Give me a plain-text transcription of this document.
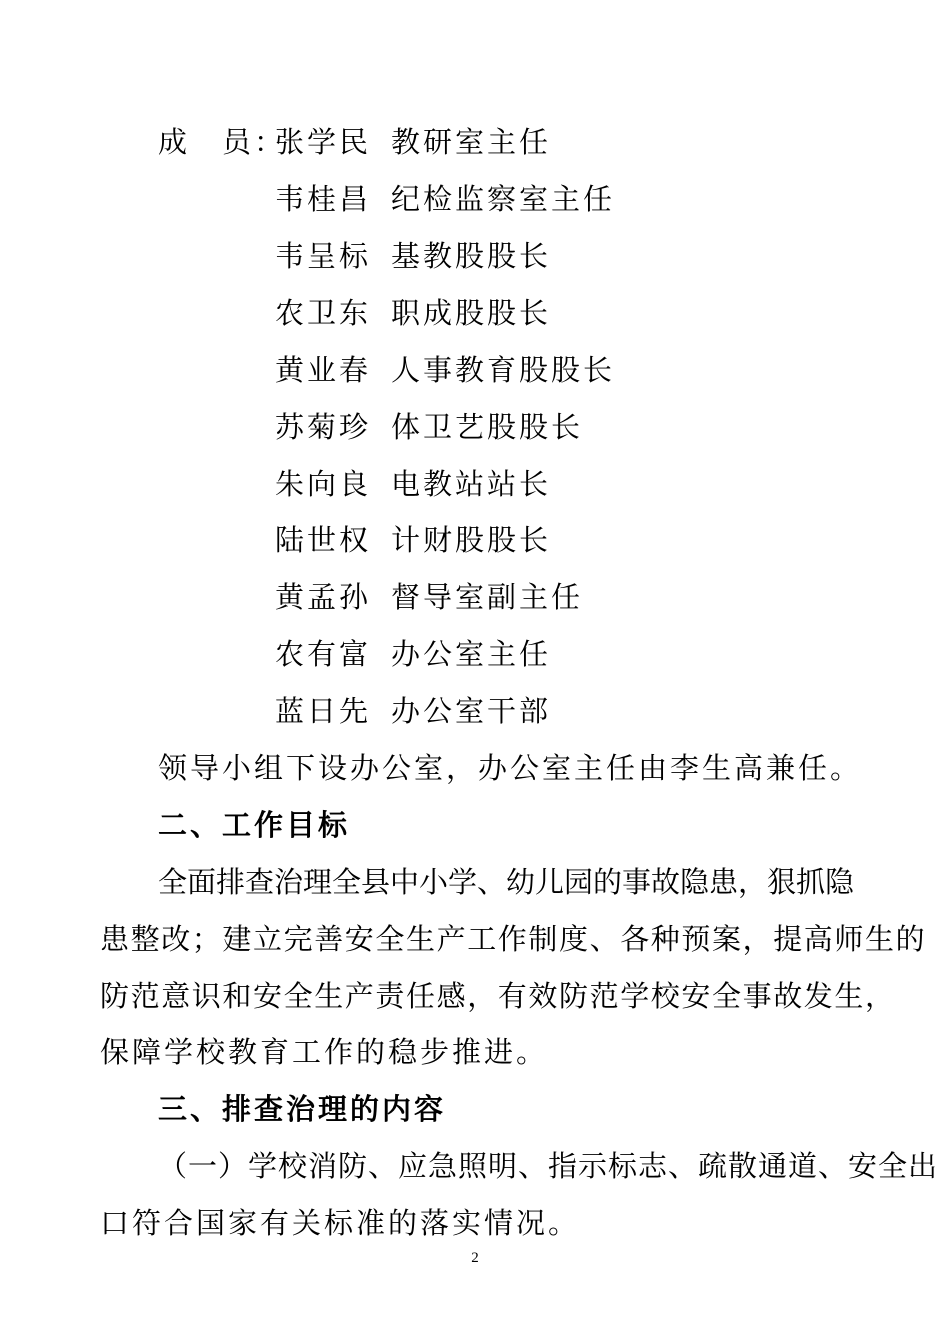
成　员：
张学民 教研室主任
韦桂昌 纪检监察室主任
韦呈标 基教股股长
农卫东 职成股股长
黄业春 人事教育股股长
苏菊珍 体卫艺股股长
朱向良 电教站站长
陆世权 计财股股长
黄孟孙 督导室副主任
农有富 办公室主任
蓝日先 办公室干部
领导小组下设办公室，办公室主任由李生高兼任。
二、工作目标
全面排查治理全县中小学、幼儿园的事故隐患，狠抓隐
患整改；建立完善安全生产工作制度、各种预案，提高师生的
防范意识和安全生产责任感，有效防范学校安全事故发生，
保障学校教育工作的稳步推进。
三、排查治理的内容
（一）学校消防、应急照明、指示标志、疏散通道、安全出
口符合国家有关标准的落实情况。
2
